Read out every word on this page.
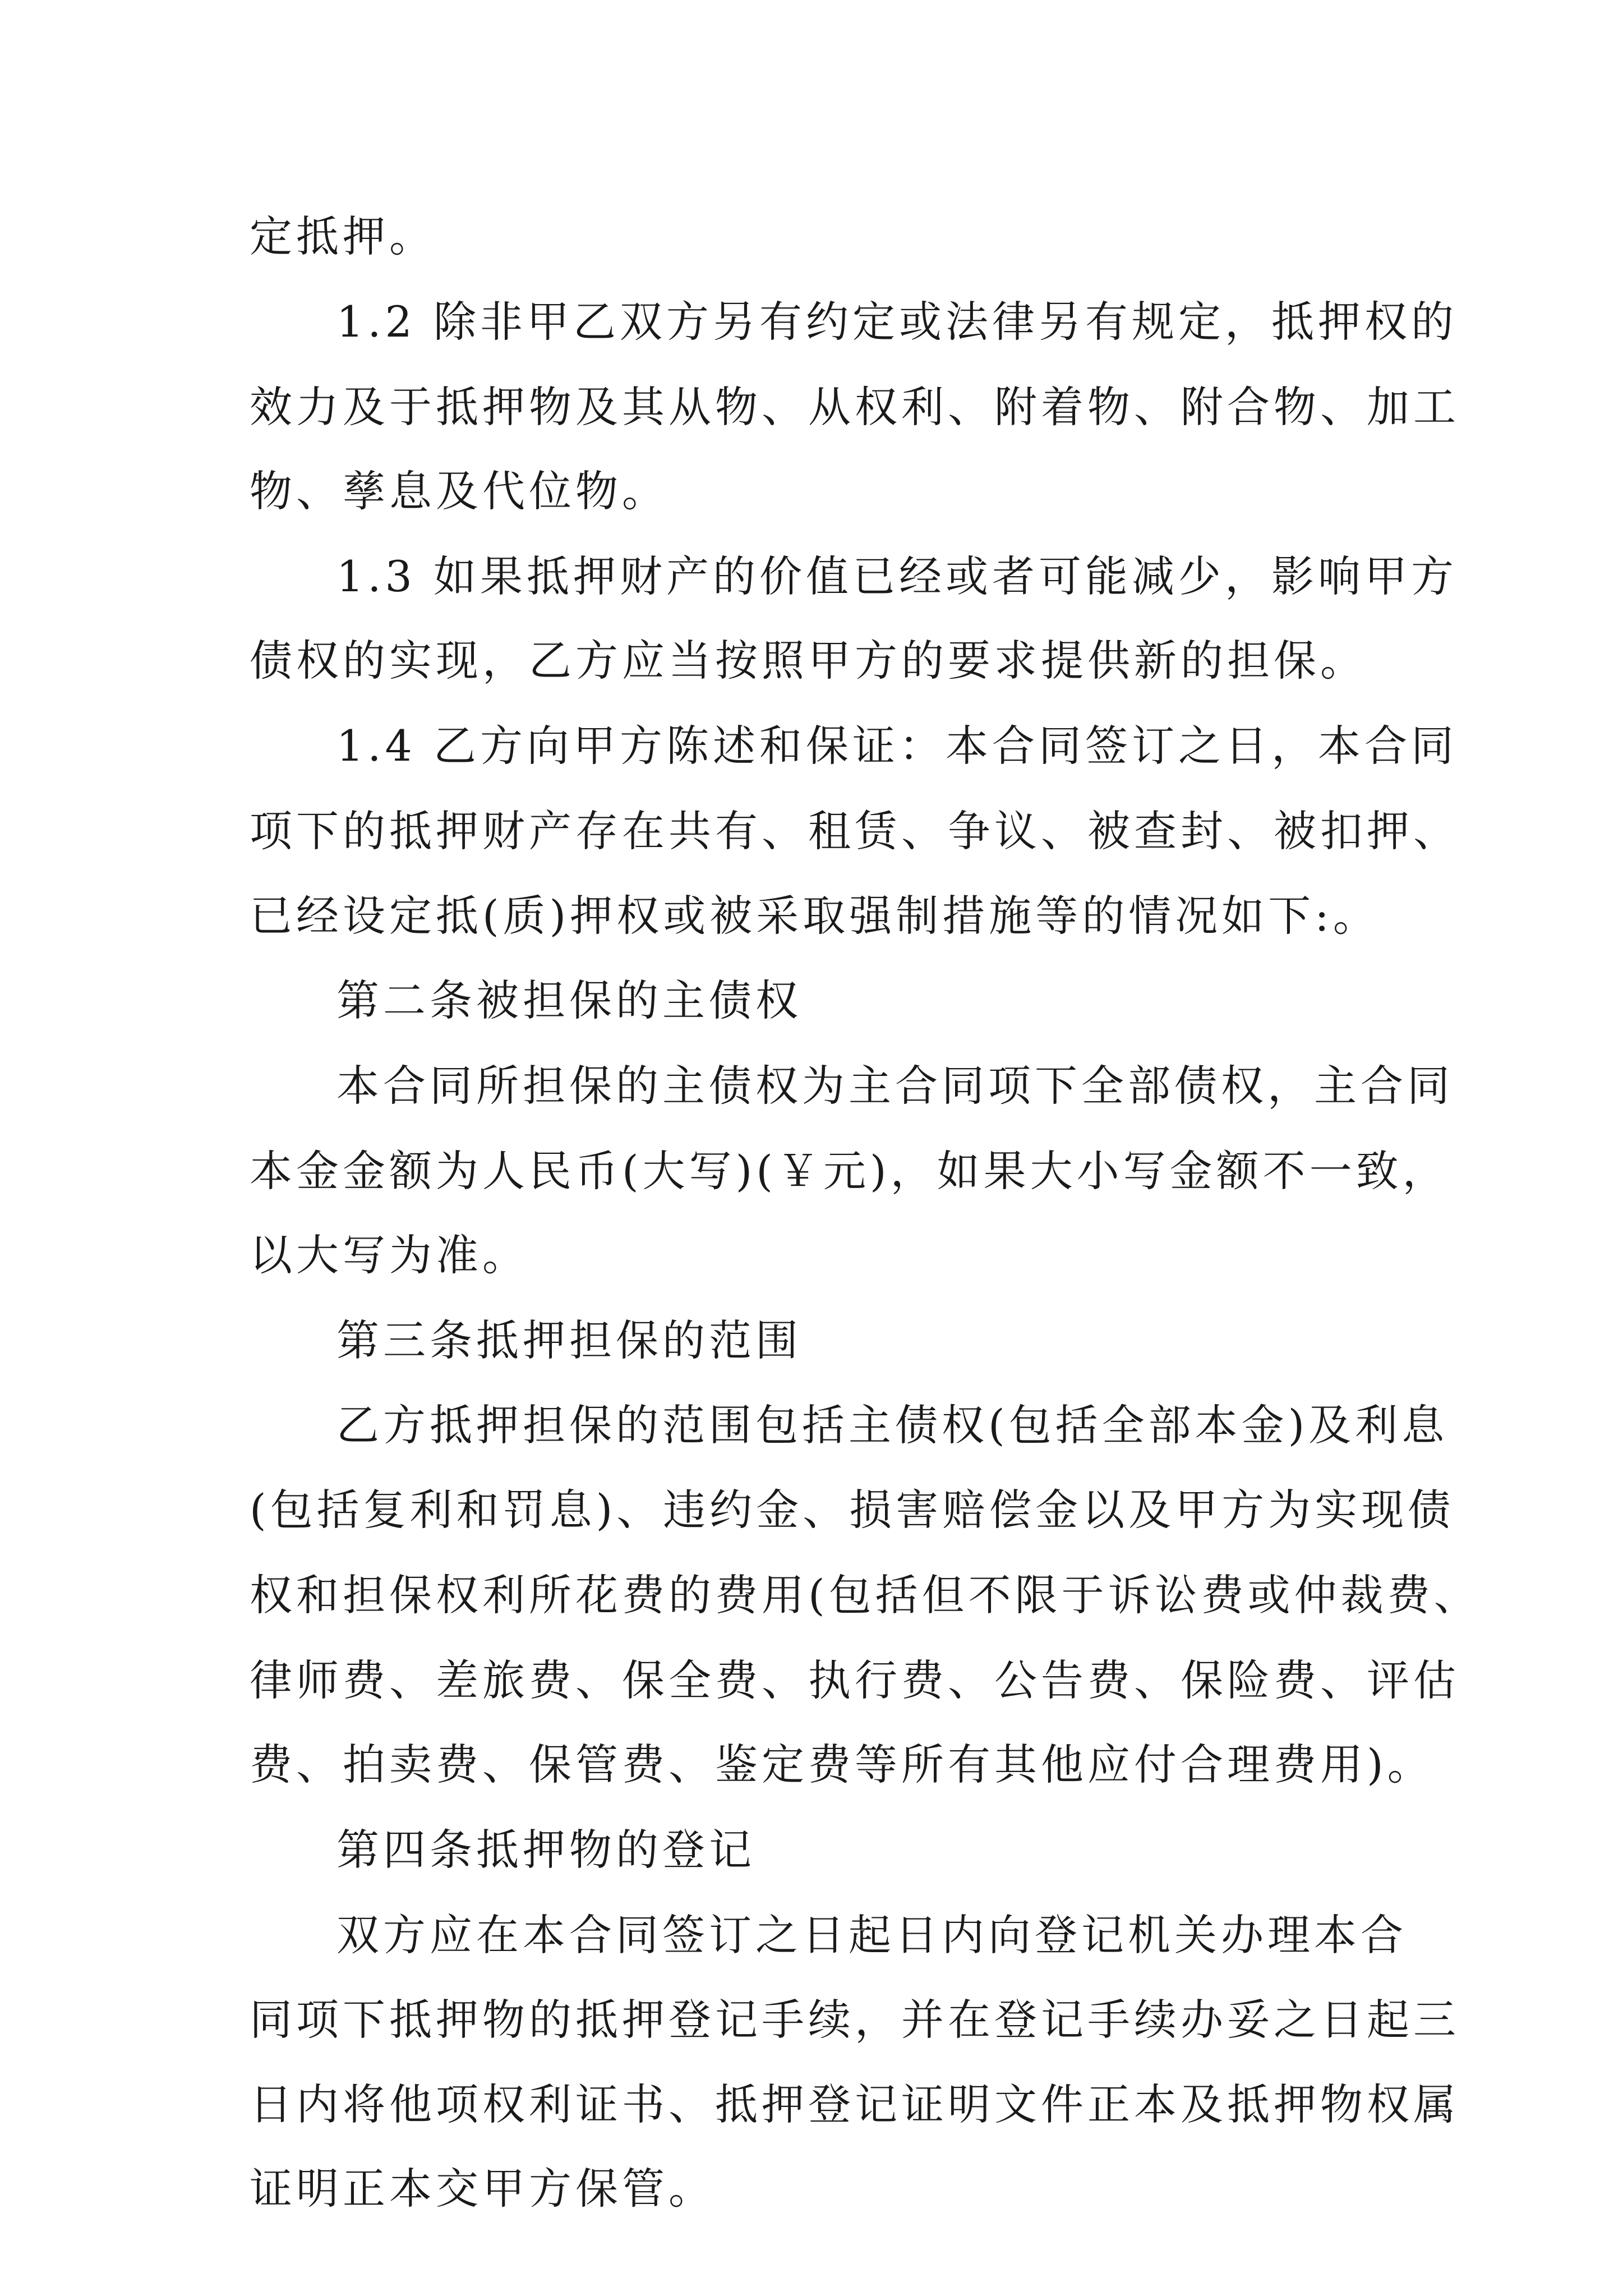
定抵押。

1.2 除非甲乙双方另有约定或法律另有规定，抵押权的

效力及于抵押物及其从物、从权利、附着物、附合物、加工

物、孳息及代位物。

1.3 如果抵押财产的价值已经或者可能减少，影响甲方

债权的实现，乙方应当按照甲方的要求提供新的担保。

1.4 乙方向甲方陈述和保证：本合同签订之日，本合同

项下的抵押财产存在共有、租赁、争议、被查封、被扣押、

已经设定抵(质)押权或被采取强制措施等的情况如下:。

第二条被担保的主债权

本合同所担保的主债权为主合同项下全部债权，主合同

本金金额为人民币(大写)(￥元)，如果大小写金额不一致，

以大写为准。

第三条抵押担保的范围

乙方抵押担保的范围包括主债权(包括全部本金)及利息

(包括复利和罚息)、违约金、损害赔偿金以及甲方为实现债

权和担保权利所花费的费用(包括但不限于诉讼费或仲裁费、

律师费、差旅费、保全费、执行费、公告费、保险费、评估

费、拍卖费、保管费、鉴定费等所有其他应付合理费用)。

第四条抵押物的登记

双方应在本合同签订之日起日内向登记机关办理本合

同项下抵押物的抵押登记手续，并在登记手续办妥之日起三

日内将他项权利证书、抵押登记证明文件正本及抵押物权属

证明正本交甲方保管。
